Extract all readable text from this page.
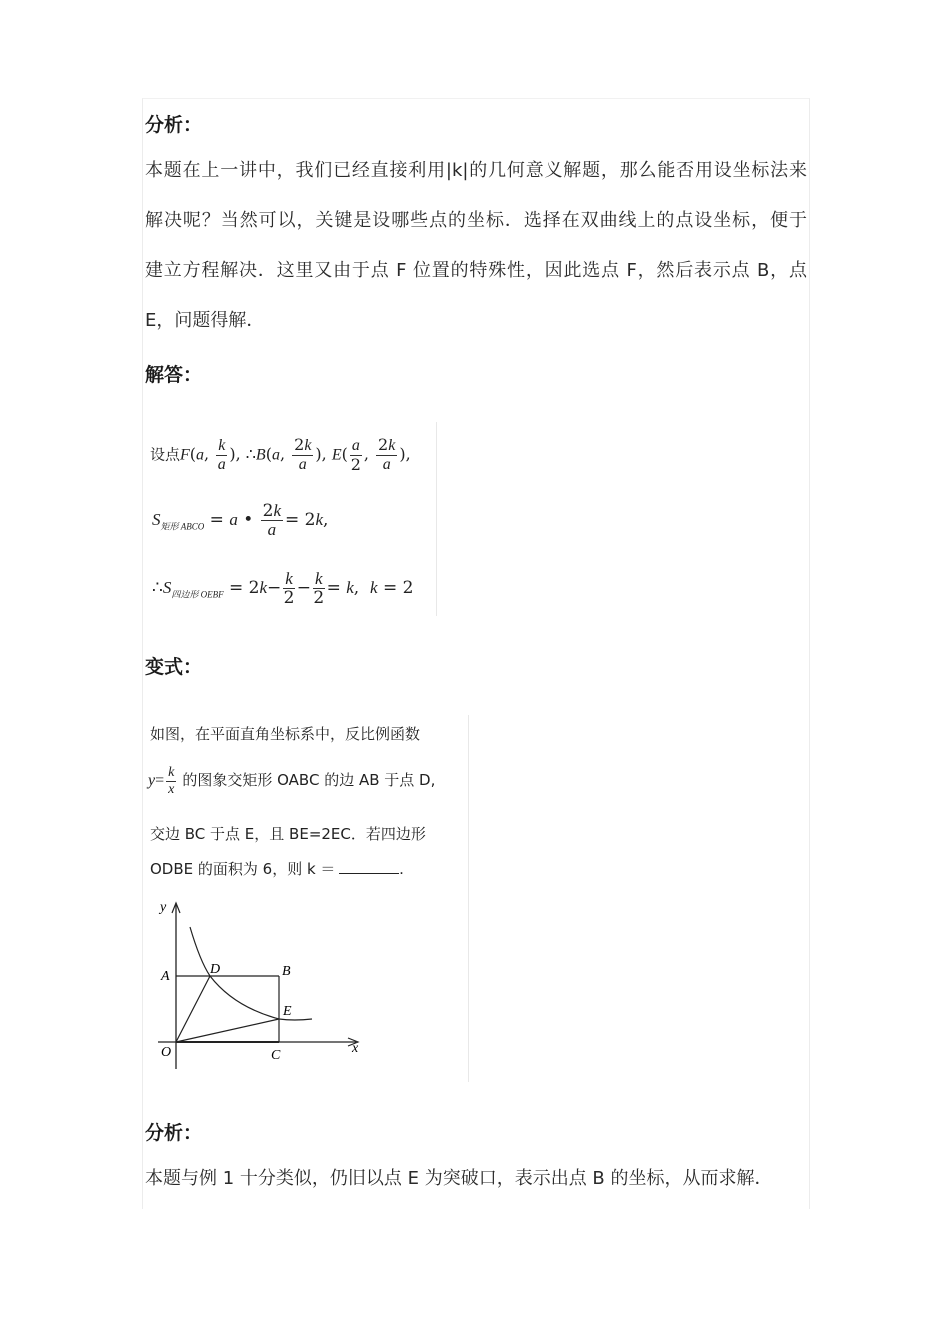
分析：
本题在上一讲中，我们已经直接利用|k|的几何意义解题，那么能否用设坐标法来
解决呢？当然可以，关键是设哪些点的坐标．选择在双曲线上的点设坐标，便于
建立方程解决．这里又由于点 F 位置的特殊性，因此选点 F，然后表示点 B，点
E，问题得解．
解答：
设点F(a, $\frac{k}{a}$ ), ∴B(a, $\frac{2k}{a}$ ), $E( \frac{a}{2}$ , $\frac{2k}{a}$ ),
$S_{矩形 ABCO} = a$ • $\frac{2k}{a} = 2k$,
$\therefore S_{四边形 OEBF} = 2k- \frac{k}{2} - \frac{k}{2} = k$,  k = 2
变式：
如图，在平面直角坐标系中，反比例函数
$y= \frac{k}{x}$ 的图象交矩形 OABC 的边 AB 于点 D,
交边 BC 于点 E，且 BE=2EC．若四边形
ODBE 的面积为 6，则 k ＝	.
y
x
O
A	B
C
D
E
分析：
本题与例 1 十分类似，仍旧以点 E 为突破口，表示出点 B 的坐标，从而求解．
